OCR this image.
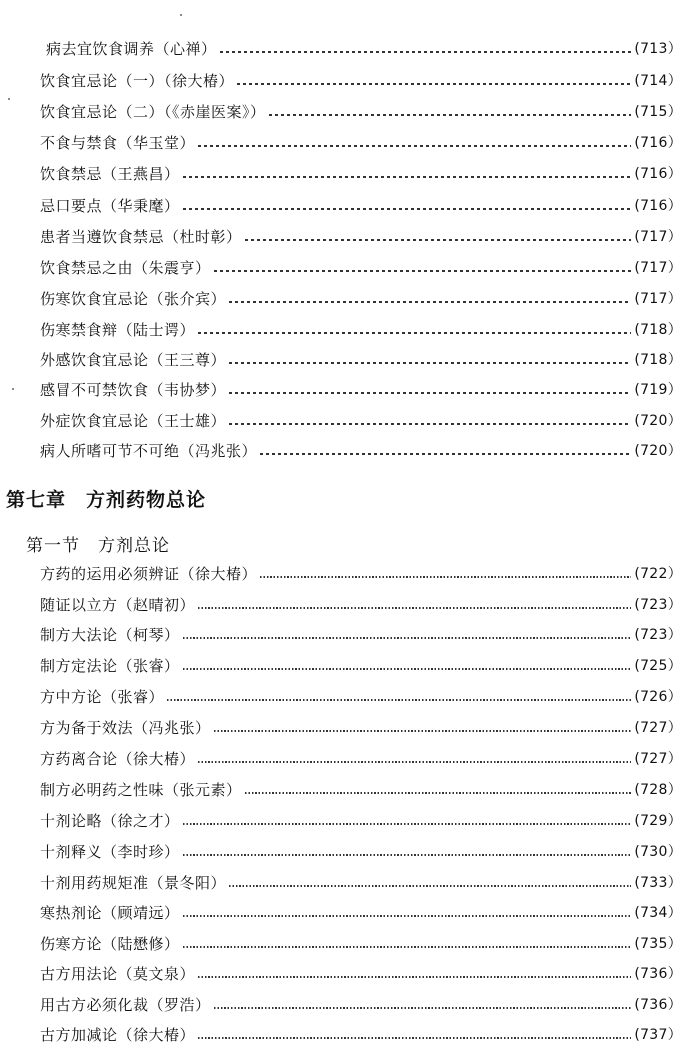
病去宜饮食调养（心禅）	(713）
饮食宜忌论（一）（徐大椿）	(714）
饮食宜忌论（二）（《赤崖医案》）	(715）
不食与禁食（华玉堂）	(716）
饮食禁忌（王燕昌）	(716）
忌口要点（华秉麾）	(716）
患者当遵饮食禁忌（杜时彰）	(717）
饮食禁忌之由（朱震亨）	(717）
伤寒饮食宜忌论（张介宾）	(717）
伤寒禁食辩（陆士谔）	(718）
外感饮食宜忌论（王三尊）	(718）
感冒不可禁饮食（韦协梦）	(719）
外症饮食宜忌论（王士雄）	(720）
病人所嗜可节不可绝（冯兆张）	(720）
第七章　方剂药物总论
第一节　方剂总论
方药的运用必须辨证（徐大椿）	(722）
随证以立方（赵晴初）	(723）
制方大法论（柯琴）	(723）
制方定法论（张睿）	(725）
方中方论（张睿）	(726）
方为备于效法（冯兆张）	(727）
方药离合论（徐大椿）	(727）
制方必明药之性味（张元素）	(728）
十剂论略（徐之才）	(729）
十剂释义（李时珍）	(730）
十剂用药规矩准（景冬阳）	(733）
寒热剂论（顾靖远）	(734）
伤寒方论（陆懋修）	(735）
古方用法论（莫文泉）	(736）
用古方必须化裁（罗浩）	(736）
古方加减论（徐大椿）	(737）
